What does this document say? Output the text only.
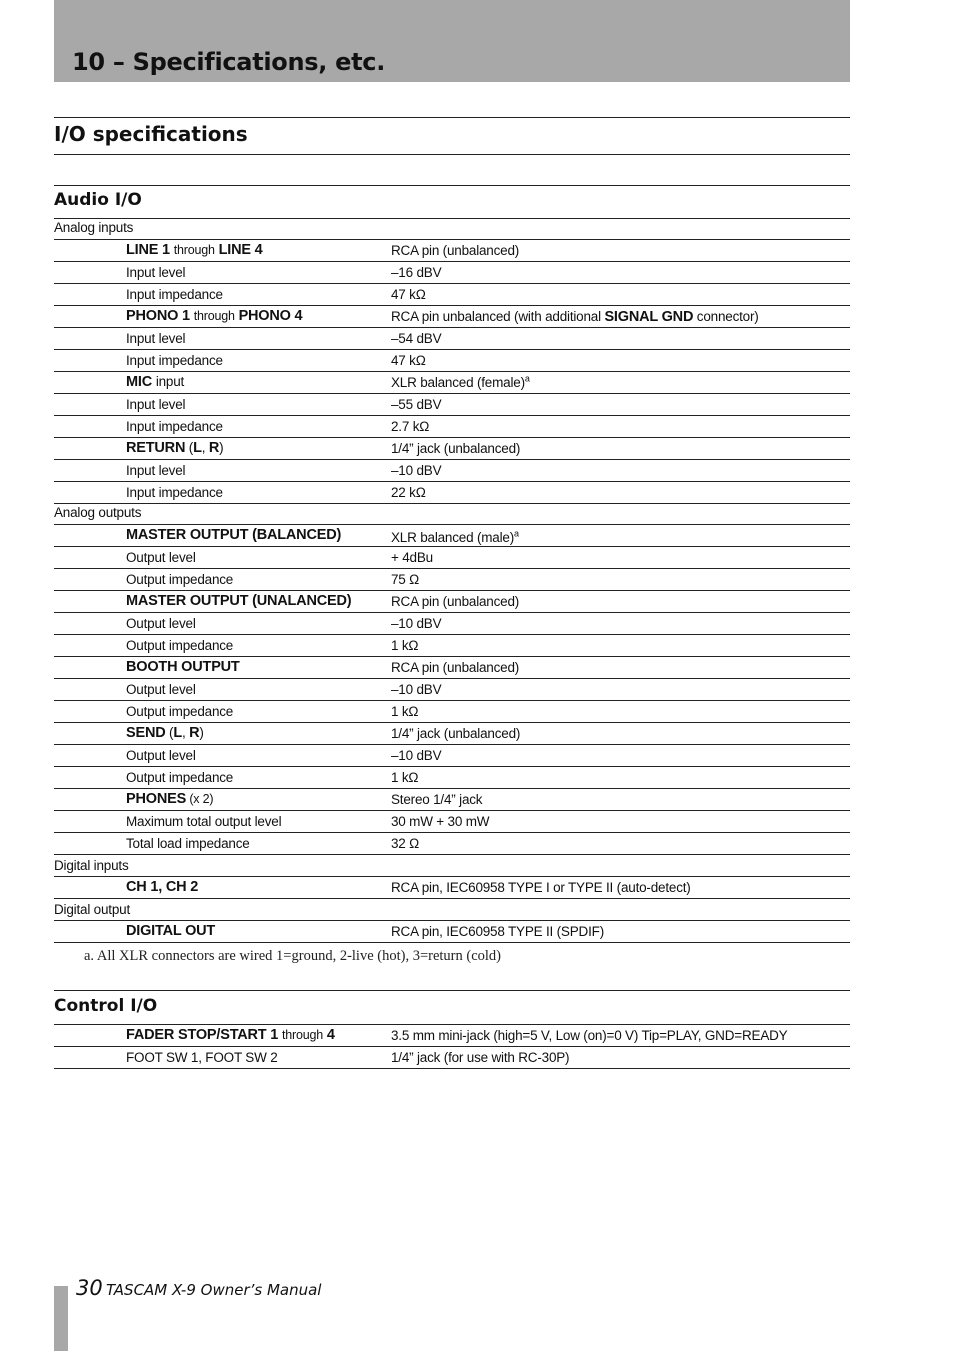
10 – Specifications, etc.
I/O specifications
Audio I/O
Analog inputs
LINE 1 through LINE 4	RCA pin (unbalanced)
Input level	–16 dBV
Input impedance	47 kΩ
PHONO 1 through PHONO 4	RCA pin unbalanced (with additional SIGNAL GND connector)
Input level	–54 dBV
Input impedance	47 kΩ
MIC input	XLR balanced (female)$^a$
Input level	–55 dBV
Input impedance	2.7 kΩ
RETURN (L, R)	1/4” jack (unbalanced)
Input level	–10 dBV
Input impedance	22 kΩ
Analog outputs
MASTER OUTPUT (BALANCED)	XLR balanced (male)$^a$
Output level	+ 4dBu
Output impedance	75 Ω
MASTER OUTPUT (UNALANCED)	RCA pin (unbalanced)
Output level	–10 dBV
Output impedance	1 kΩ
BOOTH OUTPUT	RCA pin (unbalanced)
Output level	–10 dBV
Output impedance	1 kΩ
SEND (L, R)	1/4” jack (unbalanced)
Output level	–10 dBV
Output impedance	1 kΩ
PHONES (x 2)	Stereo 1/4” jack
Maximum total output level	30 mW + 30 mW
Total load impedance	32 Ω
Digital inputs
CH 1, CH 2	RCA pin, IEC60958 TYPE I or TYPE II (auto-detect)
Digital output
DIGITAL OUT	RCA pin, IEC60958 TYPE II (SPDIF)

a. All XLR connectors are wired 1=ground, 2-live (hot), 3=return (cold)

Control I/O
FADER STOP/START 1 through 4	3.5 mm mini-jack (high=5 V, Low (on)=0 V) Tip=PLAY, GND=READY
FOOT SW 1, FOOT SW 2	1/4” jack (for use with RC-30P)
30 TASCAM X-9 Owner’s Manual
